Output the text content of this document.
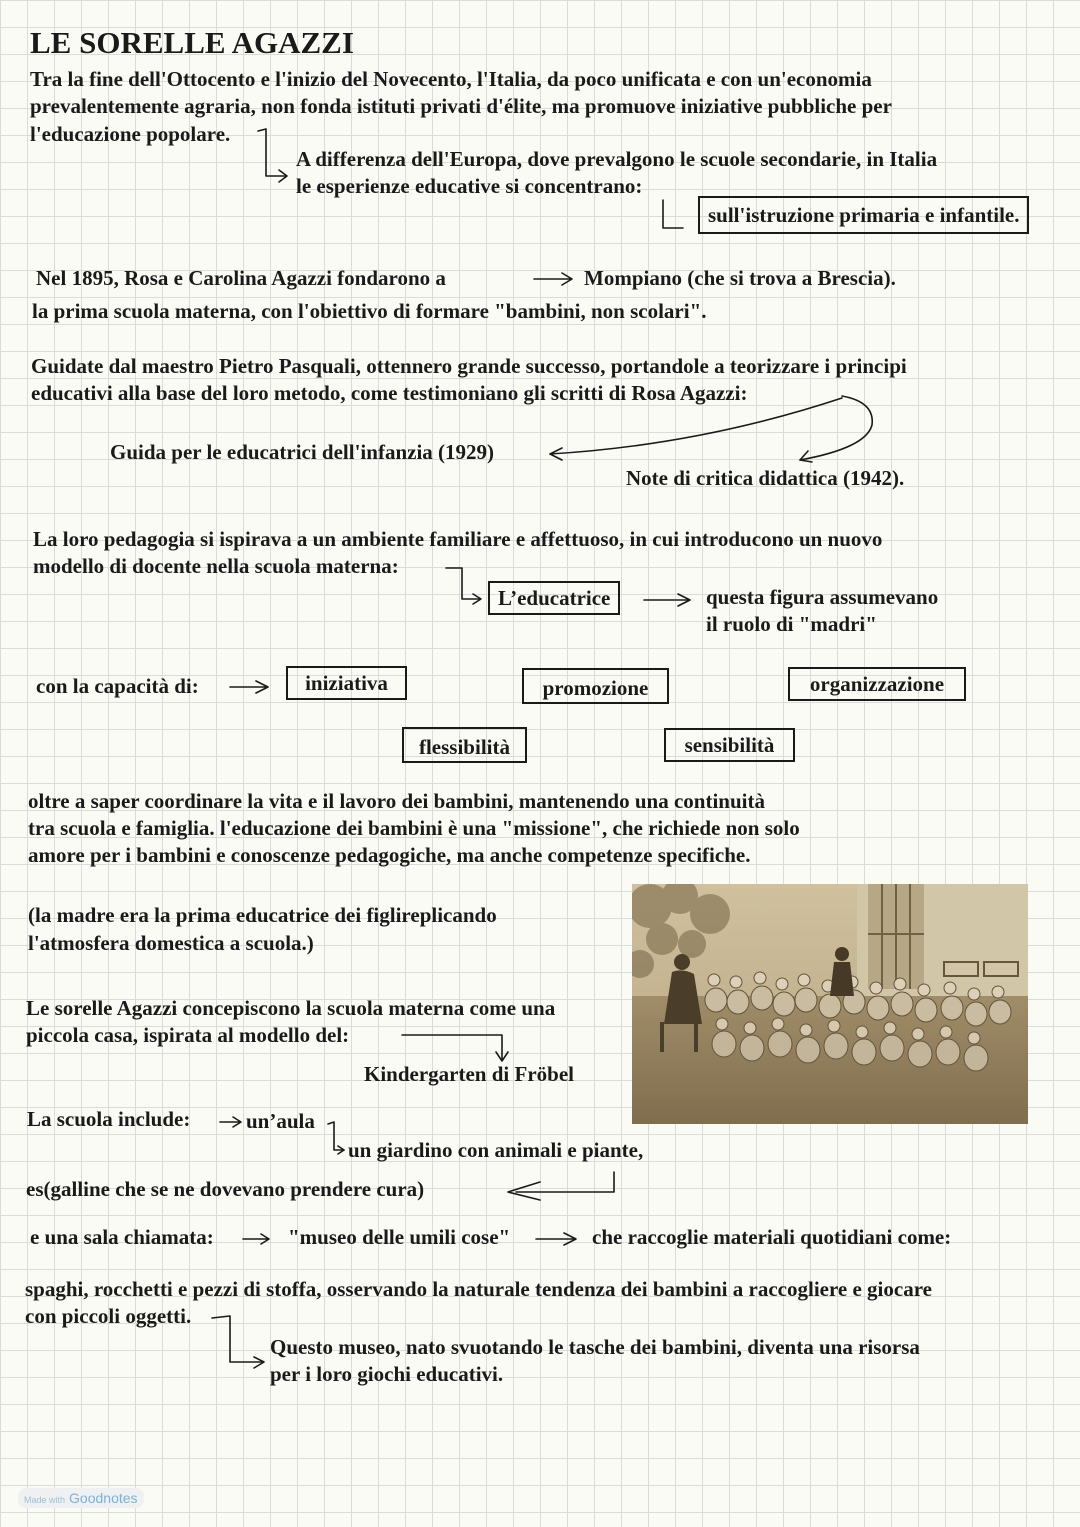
LE SORELLE AGAZZI

Tra la fine dell'Ottocento e l'inizio del Novecento, l'Italia, da poco unificata e con un'economia

prevalentemente agraria, non fonda istituti privati d'élite, ma promuove iniziative pubbliche per

l'educazione popolare.

A differenza dell'Europa, dove prevalgono le scuole secondarie, in Italia

le esperienze educative si concentrano:

sull'istruzione primaria e infantile.

Nel 1895, Rosa e Carolina Agazzi fondarono a	Mompiano (che si trova a Brescia).

la prima scuola materna, con l'obiettivo di formare "bambini, non scolari".

Guidate dal maestro Pietro Pasquali, ottennero grande successo, portandole a teorizzare i principi

educativi alla base del loro metodo, come testimoniano gli scritti di Rosa Agazzi:

Guida per le educatrici dell'infanzia (1929)

Note di critica didattica (1942).

La loro pedagogia si ispirava a un ambiente familiare e affettuoso, in cui introducono un nuovo

modello di docente nella scuola materna:

L’educatrice	questa figura assumevano

il ruolo di "madri"

con la capacità di:	iniziativa	promozione	organizzazione
flessibilità	sensibilità

oltre a saper coordinare la vita e il lavoro dei bambini, mantenendo una continuità

tra scuola e famiglia. l'educazione dei bambini è una "missione", che richiede non solo

amore per i bambini e conoscenze pedagogiche, ma anche competenze specifiche.

(la madre era la prima educatrice dei figlireplicando

l'atmosfera domestica a scuola.)

Le sorelle Agazzi concepiscono la scuola materna come una

piccola casa, ispirata al modello del:

Kindergarten di Fröbel

La scuola include:	un’aula

un giardino con animali e piante,

es(galline che se ne dovevano prendere cura)

e una sala chiamata:	"museo delle umili cose"	che raccoglie materiali quotidiani come:

spaghi, rocchetti e pezzi di stoffa, osservando la naturale tendenza dei bambini a raccogliere e giocare

con piccoli oggetti.

Questo museo, nato svuotando le tasche dei bambini, diventa una risorsa

per i loro giochi educativi.

Made with Goodnotes
